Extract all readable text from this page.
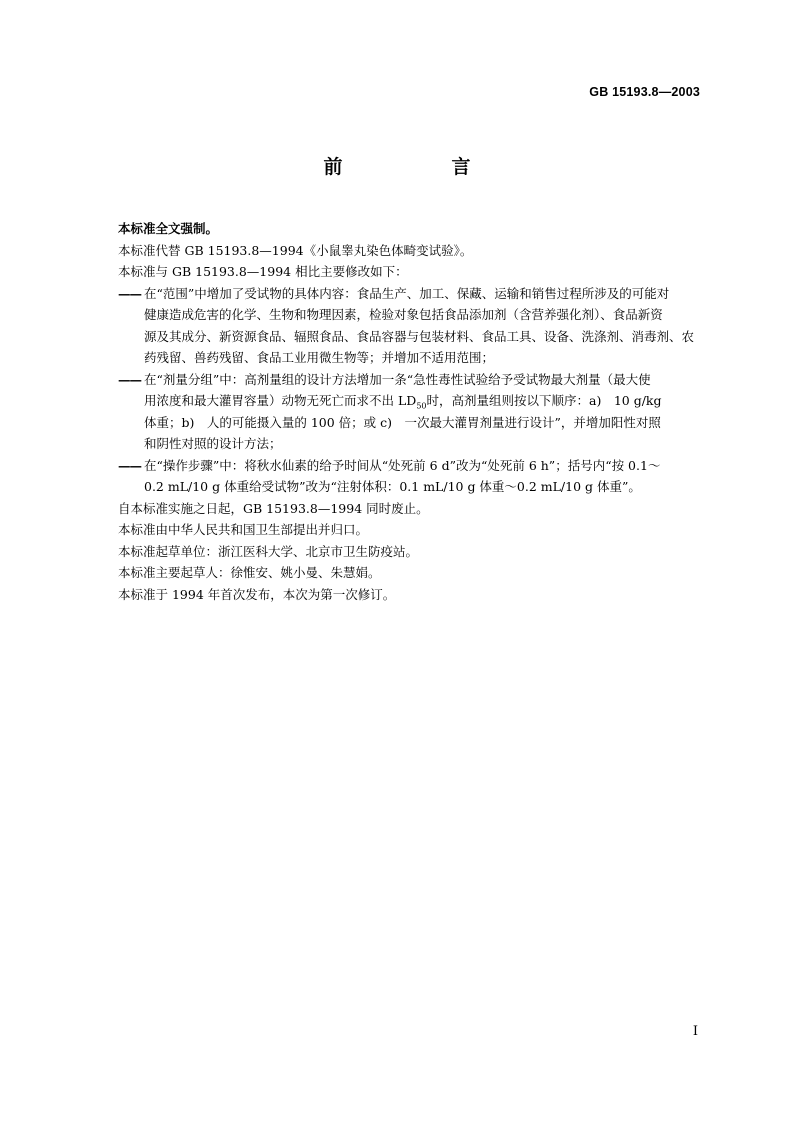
GB 15193.8—2003
前　言

本标准全文强制。

本标准代替 GB 15193.8—1994《小鼠睾丸染色体畸变试验》。

本标准与 GB 15193.8—1994 相比主要修改如下：

—— 在“范围”中增加了受试物的具体内容：食品生产、加工、保藏、运输和销售过程所涉及的可能对
健康造成危害的化学、生物和物理因素，检验对象包括食品添加剂（含营养强化剂）、食品新资
源及其成分、新资源食品、辐照食品、食品容器与包装材料、食品工具、设备、洗涤剂、消毒剂、农
药残留、兽药残留、食品工业用微生物等；并增加不适用范围；
—— 在“剂量分组”中：高剂量组的设计方法增加一条“急性毒性试验给予受试物最大剂量（最大使
用浓度和最大灌胃容量）动物无死亡而求不出 $LD_{50}$时，高剂量组则按以下顺序：a)　10 g/kg
体重；b)　人的可能摄入量的 100 倍；或 c)　一次最大灌胃剂量进行设计”，并增加阳性对照
和阴性对照的设计方法；
—— 在“操作步骤”中：将秋水仙素的给予时间从“处死前 6 d”改为“处死前 6 h”；括号内“按 0.1～
0.2 mL/10 g 体重给受试物”改为“注射体积：0.1 mL/10 g 体重～0.2 mL/10 g 体重”。

自本标准实施之日起，GB 15193.8—1994 同时废止。

本标准由中华人民共和国卫生部提出并归口。

本标准起草单位：浙江医科大学、北京市卫生防疫站。

本标准主要起草人：徐惟安、姚小曼、朱慧娟。

本标准于 1994 年首次发布，本次为第一次修订。

I
